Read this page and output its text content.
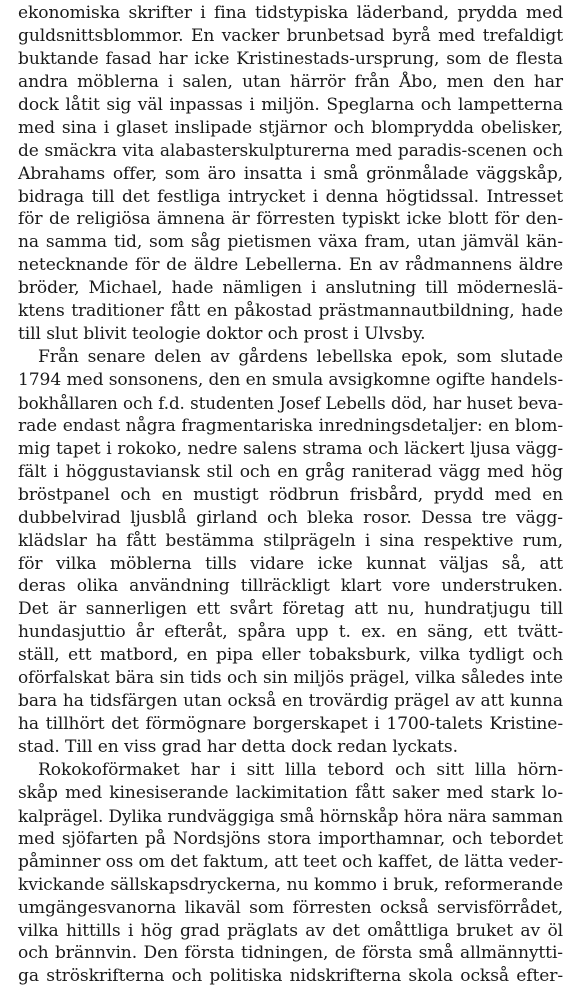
ekonomiska skrifter i fina tidstypiska läderband, prydda med
guldsnittsblommor. En vacker brunbetsad byrå med trefaldigt
buktande fasad har icke Kristinestads-ursprung, som de flesta
andra möblerna i salen, utan härrör från Åbo, men den har
dock låtit sig väl inpassas i miljön. Speglarna och lampetterna
med sina i glaset inslipade stjärnor och blomprydda obelisker,
de smäckra vita alabasterskulpturerna med paradis-scenen och
Abrahams offer, som äro insatta i små grönmålade väggskåp,
bidraga till det festliga intrycket i denna högtidssal. Intresset
för de religiösa ämnena är förresten typiskt icke blott för den-
na samma tid, som såg pietismen växa fram, utan jämväl kän-
netecknande för de äldre Lebellerna. En av rådmannens äldre
bröder, Michael, hade nämligen i anslutning till möderneslä-
ktens traditioner fått en påkostad prästmannautbildning, hade
till slut blivit teologie doktor och prost i Ulvsby.
Från senare delen av gårdens lebellska epok, som slutade
1794 med sonsonens, den en smula avsigkomne ogifte handels-
bokhållaren och f.d. studenten Josef Lebells död, har huset beva-
rade endast några fragmentariska inredningsdetaljer: en blom-
mig tapet i rokoko, nedre salens strama och läckert ljusa vägg-
fält i höggustaviansk stil och en gråg raniterad vägg med hög
bröstpanel och en mustigt rödbrun frisbård, prydd med en
dubbelvirad ljusblå girland och bleka rosor. Dessa tre vägg-
klädslar ha fått bestämma stilprägeln i sina respektive rum,
för vilka möblerna tills vidare icke kunnat väljas så, att
deras olika användning tillräckligt klart vore understruken.
Det är sannerligen ett svårt företag att nu, hundratjugu till
hundasjuttio år efteråt, spåra upp t. ex. en säng, ett tvätt-
ställ, ett matbord, en pipa eller tobaksburk, vilka tydligt och
oförfalskat bära sin tids och sin miljös prägel, vilka således inte
bara ha tidsfärgen utan också en trovärdig prägel av att kunna
ha tillhört det förmögnare borgerskapet i 1700-talets Kristine-
stad. Till en viss grad har detta dock redan lyckats.
Rokokoförmaket har i sitt lilla tebord och sitt lilla hörn-
skåp med kinesiserande lackimitation fått saker med stark lo-
kalprägel. Dylika rundväggiga små hörnskåp höra nära samman
med sjöfarten på Nordsjöns stora importhamnar, och tebordet
påminner oss om det faktum, att teet och kaffet, de lätta veder-
kvickande sällskapsdryckerna, nu kommo i bruk, reformerande
umgängesvanorna likaväl som förresten också servisförrådet,
vilka hittills i hög grad präglats av det omåttliga bruket av öl
och brännvin. Den första tidningen, de första små allmännytti-
ga ströskrifterna och politiska nidskrifterna skola också efter-
